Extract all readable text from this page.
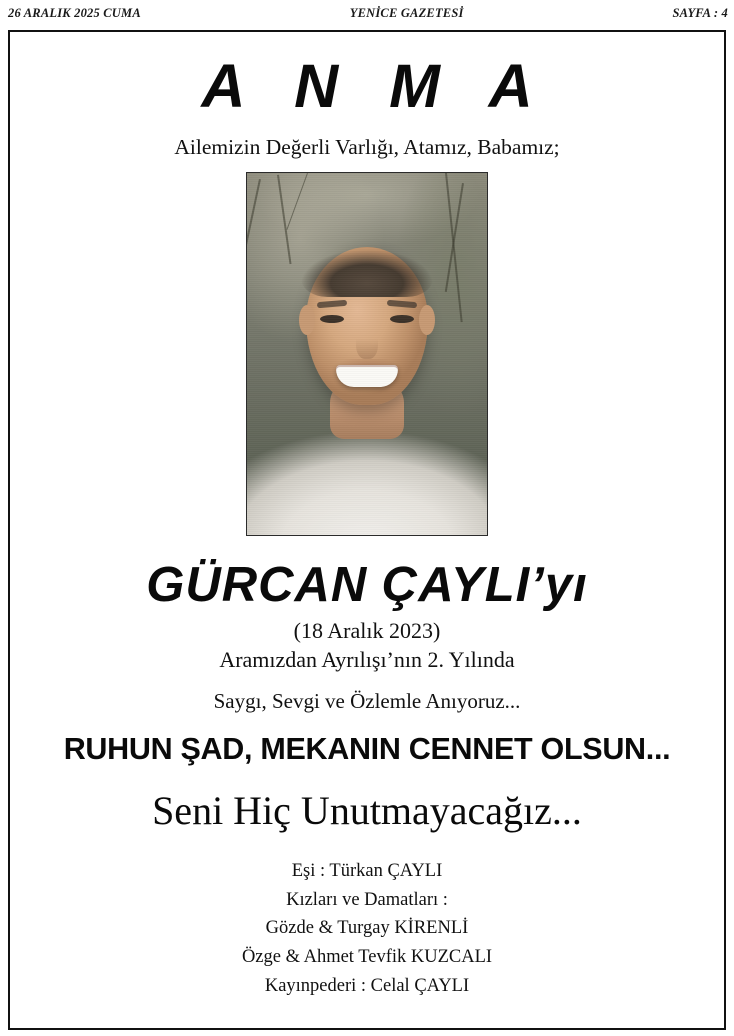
26 ARALIK 2025 CUMA	YENİCE GAZETESİ	SAYFA : 4
A N M A
Ailemizin Değerli Varlığı, Atamız, Babamız;
GÜRCAN ÇAYLI’yı
(18 Aralık 2023)
Aramızdan Ayrılışı’nın 2. Yılında
Saygı, Sevgi ve Özlemle Anıyoruz...
RUHUN ŞAD, MEKANIN CENNET OLSUN...
Seni Hiç Unutmayacağız...
Eşi : Türkan ÇAYLI
Kızları ve Damatları :
Gözde & Turgay KİRENLİ
Özge & Ahmet Tevfik KUZCALI
Kayınpederi : Celal ÇAYLI
